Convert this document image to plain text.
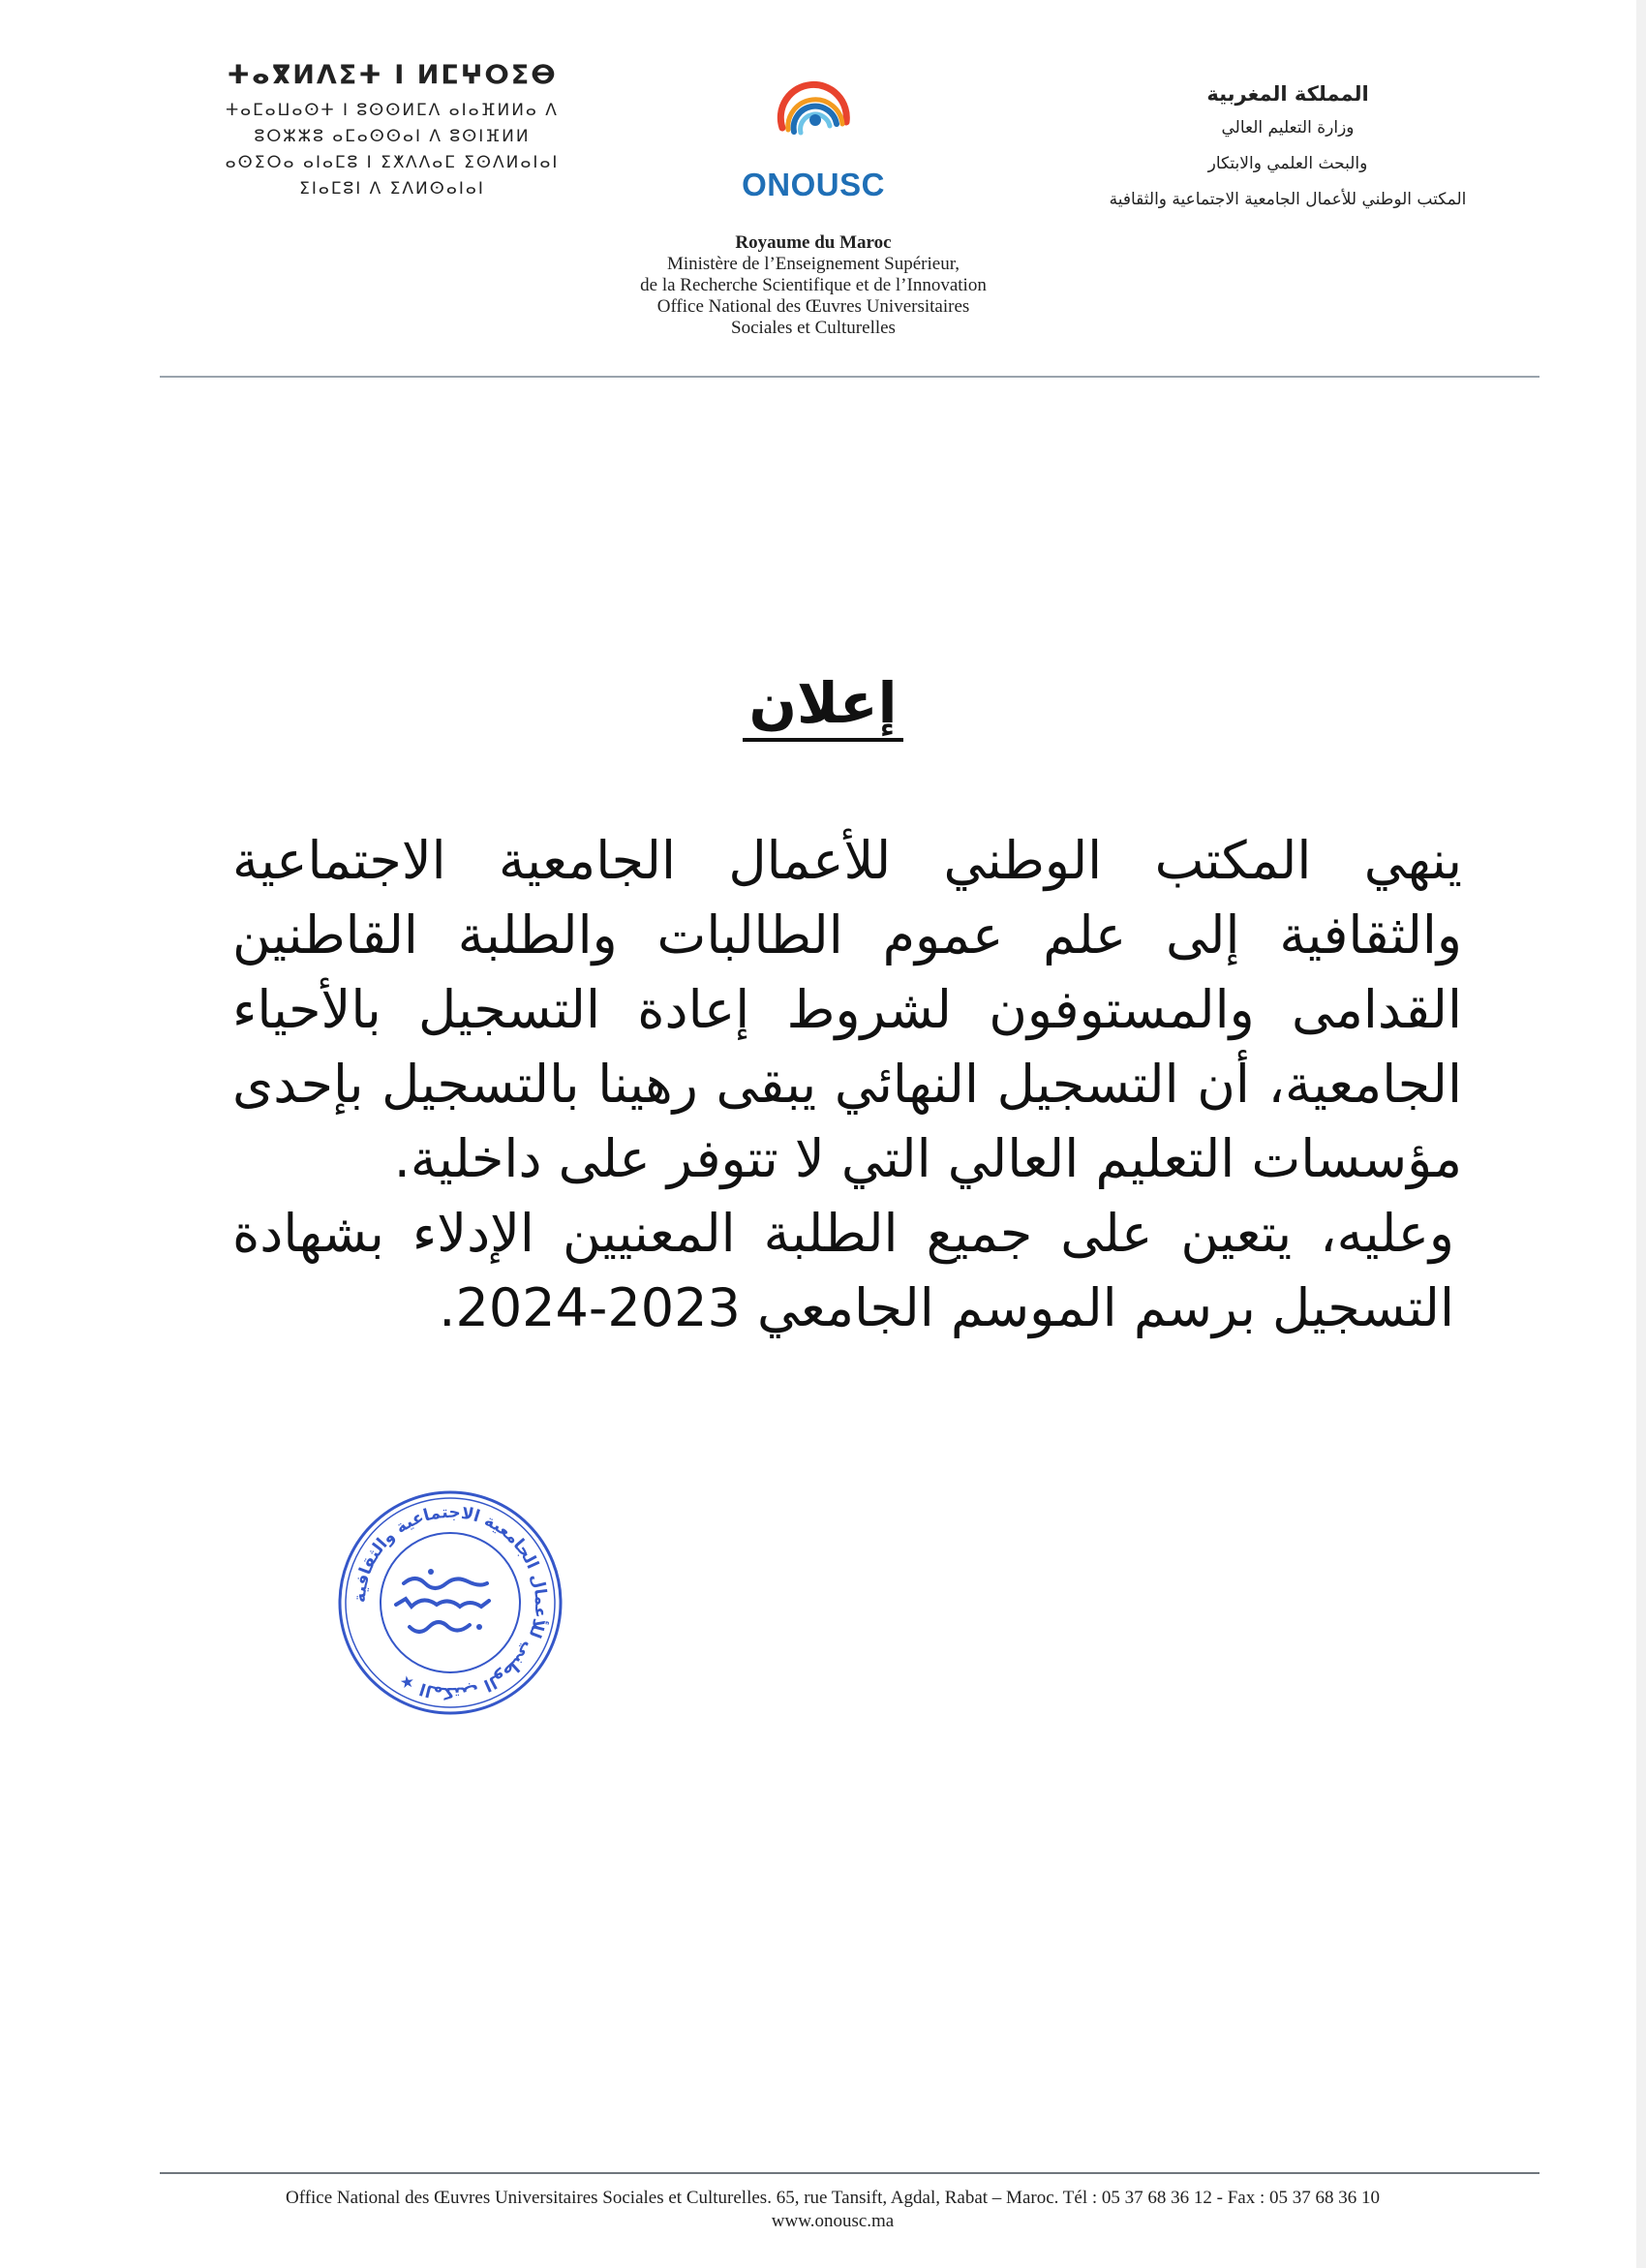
ⵜⴰⴳⵍⴷⵉⵜ ⵏ ⵍⵎⵖⵔⵉⴱ
ⵜⴰⵎⴰⵡⴰⵙⵜ ⵏ ⵓⵙⵙⵍⵎⴷ ⴰⵏⴰⴼⵍⵍⴰ ⴷ
ⵓⵔⵣⵣⵓ ⴰⵎⴰⵙⵙⴰⵏ ⴷ ⵓⵙⵏⴼⵍⵍ
ⴰⵙⵉⵔⴰ ⴰⵏⴰⵎⵓ ⵏ ⵉⵅⴷⴷⴰⵎ ⵉⵙⴷⵍⴰⵏⴰⵏ
ⵉⵏⴰⵎⵓⵏ ⴷ ⵉⴷⵍⵙⴰⵏⴰⵏ	ONOUSC
Royaume du Maroc
Ministère de l’Enseignement Supérieur,
de la Recherche Scientifique et de l’Innovation
Office National des Œuvres Universitaires
Sociales et Culturelles
المملكة المغربية
وزارة التعليم العالي
والبحث العلمي والابتكار
المكتب الوطني للأعمال الجامعية الاجتماعية والثقافية
إعلان

ينهي المكتب الوطني للأعمال الجامعية الاجتماعية والثقافية إلى علم عموم الطالبات والطلبة القاطنين القدامى والمستوفون لشروط إعادة التسجيل بالأحياء الجامعية، أن التسجيل النهائي يبقى رهينا بالتسجيل بإحدى مؤسسات التعليم العالي التي لا تتوفر على داخلية.

وعليه، يتعين على جميع الطلبة المعنيين الإدلاء بشهادة التسجيل برسم الموسم الجامعي 2023-2024.

المكتب الوطني للأعمال الجامعية الاجتماعية والثقافية ★
Office National des Œuvres Universitaires Sociales et Culturelles. 65, rue Tansift, Agdal, Rabat – Maroc. Tél : 05 37 68 36 12 - Fax : 05 37 68 36 10
www.onousc.ma
